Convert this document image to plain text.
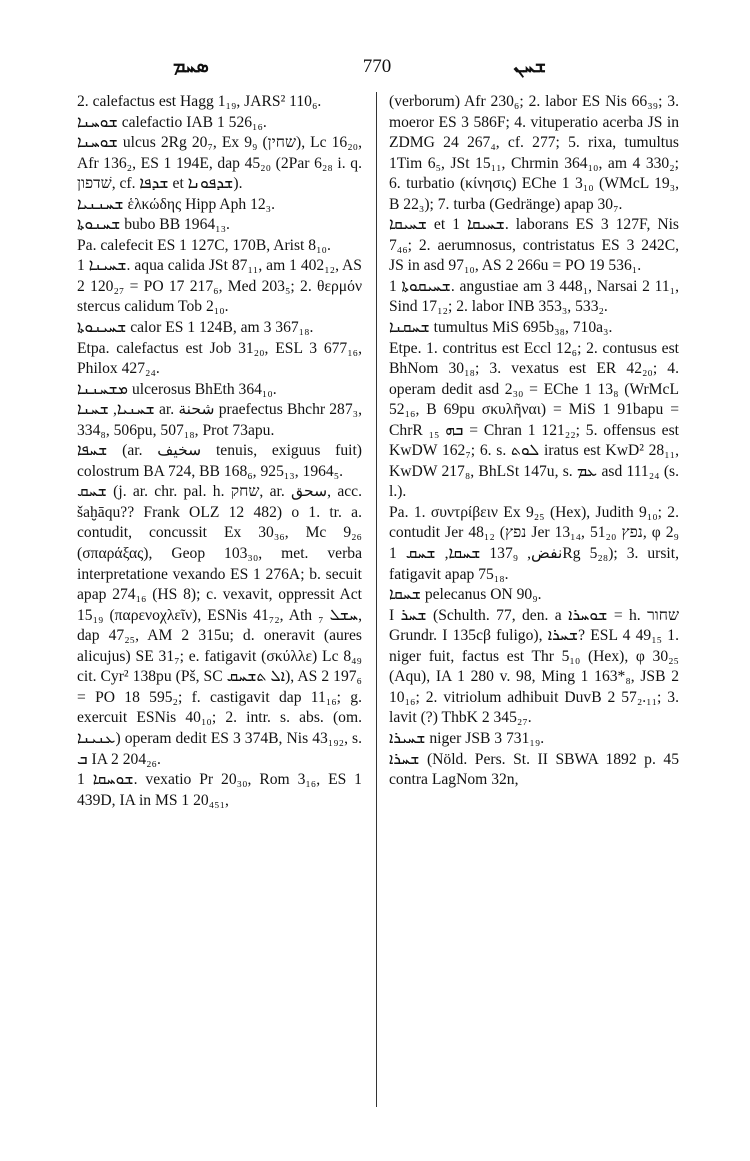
ܣܚܡ	770	ܫܚܢ
2. calefactus est Hagg 1₁₉, JARS² 110₆.
ܫܘܚܢܐ calefactio IAB 1 526₁₆.
ܫܘܚܢܐ ulcus 2Rg 20₇, Ex 9₉ (שחין), Lc 16₂₀, Afr 136₂, ES 1 194E, dap 45₂₀ (2Par 6₂₈ i. q. שׁדפון, cf. ܫܕܦܐ et ܫܕܦܘܢܐ).
ܫܚܢܢܝܐ ἑλκώδης Hipp Aph 12₃.
ܫܚܢܘܬܐ bubo BB 1964₁₃.
Pa. calefecit ES 1 127C, 170B, Arist 8₁₀.
ܫܚܝܢܐ 1. aqua calida JSt 87₁₁, am 1 402₁₂, AS 2 120₂₇ = PO 17 217₆, Med 203₅; 2. θερμόν stercus calidum Tob 2₁₀.
ܫܚܝܢܘܬܐ calor ES 1 124B, am 3 367₁₈.
Etpa. calefactus est Job 31₂₀, ESL 3 677₁₆, Philox 427₂₄.
ܡܫܚܢܢܐ ulcerosus BhEth 364₁₀.
ܫܚܢܝܐ, ܫܚܢܐ ar. شحنة praefectus Bhchr 287₃, 334₈, 506pu, 507₁₈, Prot 73apu.
ܫܚܦܐ (ar. سخيف tenuis, exiguus fuit) colostrum BA 724, BB 168₆, 925₁₃, 1964₅.
ܫܚܩ (j. ar. chr. pal. h. שחק, ar. سحق, acc. šaḫāqu?? Frank OLZ 12 482) o 1. tr. a. contudit, concussit Ex 30₃₆, Mc 9₂₆ (σπαράξας), Geop 103₃₀, met. verba interpretatione vexando ES 1 276A; b. secuit apap 274₁₆ (HS 8); c. vexavit, oppressit Act 15₁₉ (παρενοχλεῖν), ESNis 41₇₂, Ath ܚܫܠ ₇, dap 47₂₅, AM 2 315u; d. oneravit (aures alicujus) SE 31₇; e. fatigavit (σκύλλε) Lc 8₄₉ cit. Cyr² 138pu (Pš, SC ܐܠ ܬܫܚܩ), AS 2 197₆ = PO 18 595₂; f. castigavit dap 11₁₆; g. exercuit ESNis 40₁₀; 2. intr. s. abs. (om. ܥܢܝܢܐ) operam dedit ES 3 374B, Nis 43₁₉₂, s. ܒ IA 2 204₂₆.
ܫܘܚܩܐ 1. vexatio Pr 20₃₀, Rom 3₁₆, ES 1 439D, IA in MS 1 20₄₅₁,
(verborum) Afr 230₆; 2. labor ES Nis 66₃₉; 3. moeror ES 3 586F; 4. vituperatio acerba JS in ZDMG 24 267₄, cf. 277; 5. rixa, tumultus 1Tim 6₅, JSt 15₁₁, Chrmin 364₁₀, am 4 330₂; 6. turbatio (κίνησις) EChe 1 3₁₀ (WMcL 19₃, B 22₃); 7. turba (Gedränge) apap 30₇.
ܫܚܝܩܐ et ܫܚܝܩܐ 1. laborans ES 3 127F, Nis 7₄₆; 2. aerumnosus, contristatus ES 3 242C, JS in asd 97₁₀, AS 2 266u = PO 19 536₁.
ܫܚܝܩܘܬܐ 1. angustiae am 3 448₁, Narsai 2 11₁, Sind 17₁₂; 2. labor INB 353₃, 533₂.
ܫܚܩܢܐ tumultus MiS 695b₃₈, 710a₃.
Etpe. 1. contritus est Eccl 12₆; 2. contusus est BhNom 30₁₈; 3. vexatus est ER 42₂₀; 4. operam dedit asd 2₃₀ = EChe 1 13₈ (WrMcL 52₁₆, B 69pu σκυλῆναι) = MiS 1 91bapu = ChrR ܒܗ ₁₅ = Chran 1 121₂₂; 5. offensus est KwDW 162₇; 6. s. ܠܘܬ iratus est KwD² 28₁₁, KwDW 217₈, BhLSt 147u, s. ܥܡ asd 111₂₄ (s. l.).
Pa. 1. συντρίβειν Ex 9₂₅ (Hex), Judith 9₁₀; 2. contudit Jer 48₁₂ (נפץ Jer 13₁₄, 51₂₀ נפץ, φ 2₉ نفض, 137₉ ܫܚܩܐ, ܫܚܩ 1Rg 5₂₈); 3. ursit, fatigavit apap 75₁₈.
ܫܚܩܐ pelecanus ON 90₉.
I ܫܚܪ (Schulth. 77, den. a ܫܘܚܪܐ = h. שחור Grundr. I 135cβ fuligo), ܫܚܪܐ? ESL 4 49₁₅ 1. niger fuit, factus est Thr 5₁₀ (Hex), φ 30₂₅ (Aqu), IA 1 280 v. 98, Ming 1 163*₈, JSB 2 10₁₆; 2. vitriolum adhibuit DuvB 2 57₂.₁₁; 3. lavit (?) ThbK 2 345₂₇.
ܫܚܝܪܐ niger JSB 3 731₁₉.
ܫܚܪܐ (Nöld. Pers. St. II SBWA 1892 p. 45 contra LagNom 32n,
